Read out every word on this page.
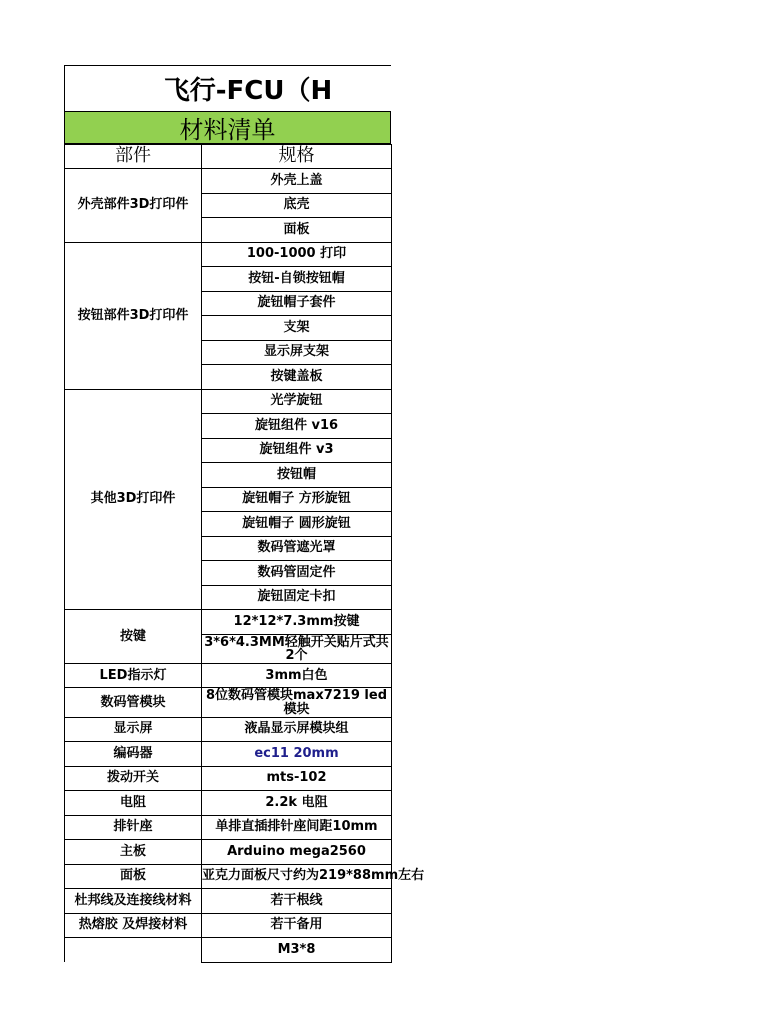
飞行-FCU（H
材料清单
部件	规格
外壳部件3D打印件	外壳上盖
	底壳
	面板
按钮部件3D打印件	100-1000 打印
	按钮-自锁按钮帽
	旋钮帽子套件
	支架
	显示屏支架
	按键盖板
其他3D打印件	光学旋钮
	旋钮组件 v16
	旋钮组件 v3
	按钮帽
	旋钮帽子 方形旋钮
	旋钮帽子 圆形旋钮
	数码管遮光罩
	数码管固定件
	旋钮固定卡扣
按键	12*12*7.3mm按键
	3*6*4.3MM轻触开关贴片式共2个
LED指示灯	3mm白色
数码管模块	8位数码管模块max7219 led模块
显示屏	液晶显示屏模块组
编码器	ec11 20mm
拨动开关	mts-102
电阻	2.2k 电阻
排针座	单排直插排针座间距10mm
主板	Arduino mega2560
面板	亚克力面板尺寸约为219*88mm左右
杜邦线及连接线材料	若干根线
热熔胶 及焊接材料	若干备用
	M3*8
